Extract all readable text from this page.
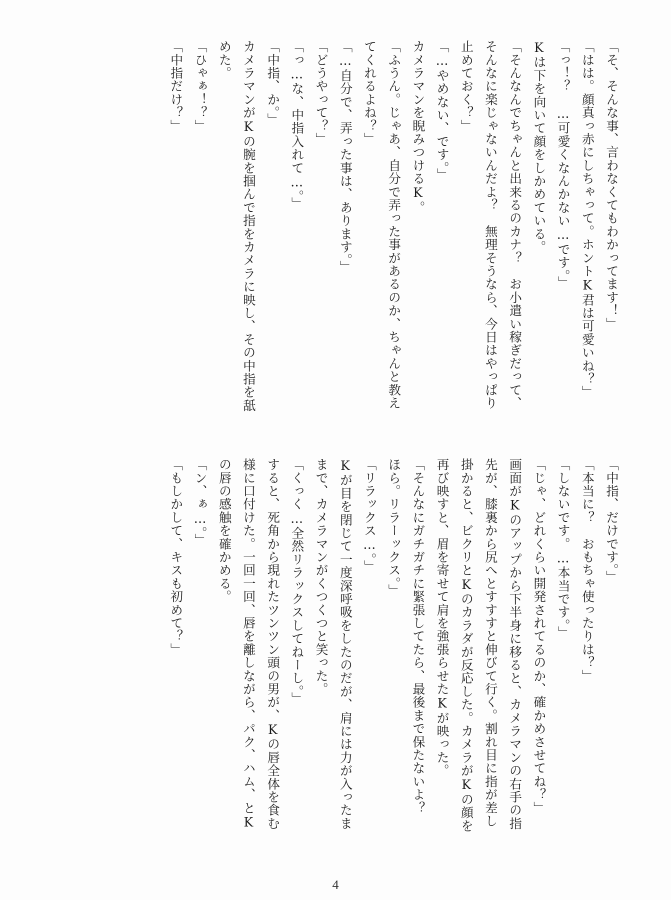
「そ、そんな事、言わなくてもわかってます！」

「はは。顔真っ赤にしちゃって。ホントK君は可愛いね？」

「っ！？　…可愛くなんかない…です。」

Kは下を向いて顔をしかめている。

「そんなんでちゃんと出来るのカナ？　お小遣い稼ぎだって、

そんなに楽じゃないんだよ？　無理そうなら、今日はやっぱり

止めておく？」

「…やめない、です。」

カメラマンを睨みつけるK。

「ふうん。じゃあ、自分で弄った事があるのか、ちゃんと教え

てくれるよね？」

「…自分で、弄った事は、あります。」

「どうやって？」

「っ…な、中指入れて…。」

「中指、か。」

カメラマンがKの腕を掴んで指をカメラに映し、その中指を舐

めた。

「ひゃぁ！？」

「中指だけ？」

「中指、だけです。」

「本当に？　おもちゃ使ったりは？」

「しないです。…本当です。」

「じゃ、どれくらい開発されてるのか、確かめさせてね？」

画面がKのアップから下半身に移ると、カメラマンの右手の指

先が、膝裏から尻へとすすすと伸びて行く。割れ目に指が差し

掛かると、ビクリとKのカラダが反応した。カメラがKの顔を

再び映すと、眉を寄せて肩を強張らせたKが映った。

「そんなにガチガチに緊張してたら、最後まで保たないよ？

ほら。リラーックス。」

「リラックス…。」

Kが目を閉じて一度深呼吸をしたのだが、肩には力が入ったま

まで、カメラマンがくつくつと笑った。

「くっく…全然リラックスしてねーし。」

すると、死角から現れたツンツン頭の男が、Kの唇全体を食む

様に口付けた。一回一回、唇を離しながら、パク、ハム、とK

の唇の感触を確かめる。

「ン、ぁ…。」

「もしかして、キスも初めて？」

4
